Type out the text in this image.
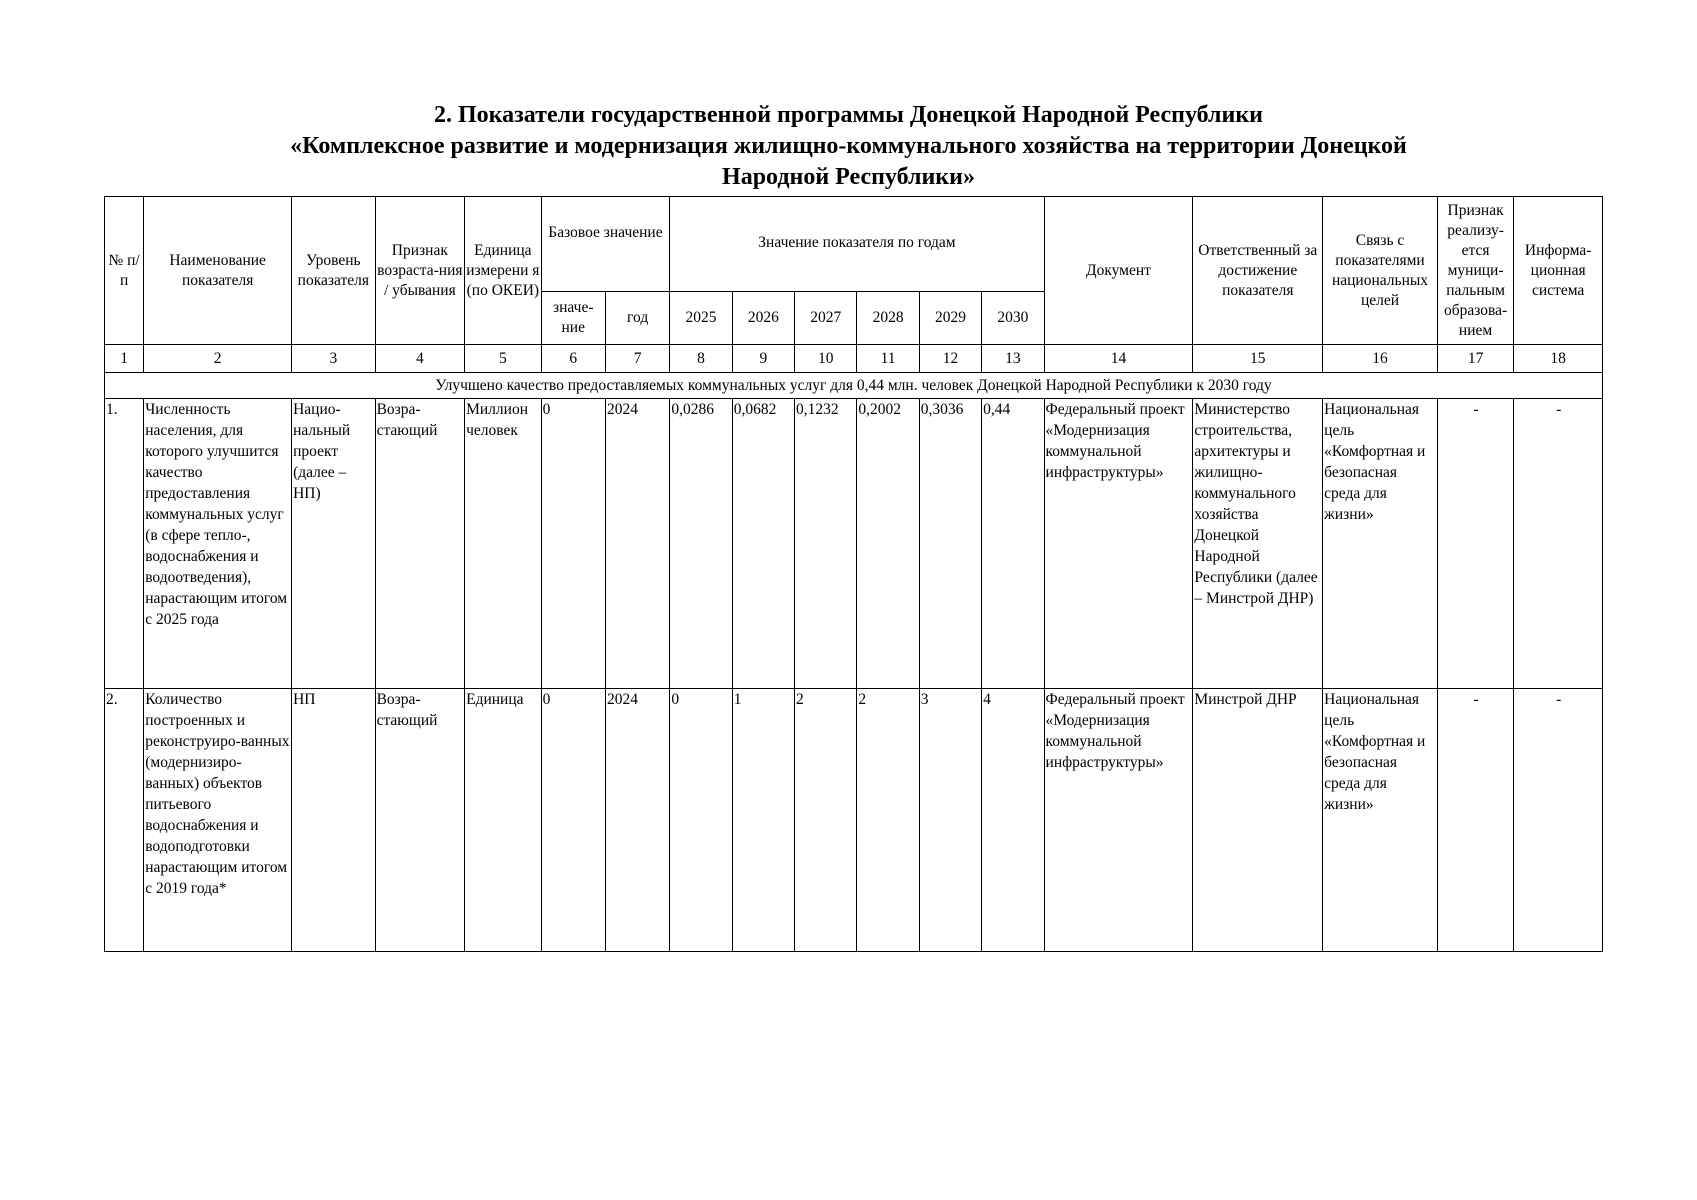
2. Показатели государственной программы Донецкой Народной Республики
«Комплексное развитие и модернизация жилищно-коммунального хозяйства на территории Донецкой
Народной Республики»
№ п/п	Наименование показателя	Уровень показателя	Признак возраста-ния / убывания	Единица измерени я (по ОКЕИ)	Базовое значение		Значение показателя по годам						Документ	Ответственный за достижение показателя	Связь с показателями национальных целей	Признак реализу-ется муници-пальным образова-нием	Информа-ционная система
					значе-ние	год	2025	2026	2027	2028	2029	2030					
1	2	3	4	5	6	7	8	9	10	11	12	13	14	15	16	17	18
Улучшено качество предоставляемых коммунальных услуг для 0,44 млн. человек Донецкой Народной Республики к 2030 году																	
1.	Численность населения, для которого улучшится качество предоставления коммунальных услуг (в сфере тепло-, водоснабжения и водоотведения), нарастающим итогом с 2025 года	Нацио-нальный проект (далее – НП)	Возра-стающий	Миллион человек	0	2024	0,0286	0,0682	0,1232	0,2002	0,3036	0,44	Федеральный проект «Модернизация коммунальной инфраструктуры»	Министерство строительства, архитектуры и жилищно-коммунального хозяйства Донецкой Народной Республики (далее – Минстрой ДНР)	Национальная цель «Комфортная и безопасная среда для жизни»	-	-
2.	Количество построенных и реконструиро-ванных (модернизиро-ванных) объектов питьевого водоснабжения и водоподготовки нарастающим итогом с 2019 года*	НП	Возра-стающий	Единица	0	2024	0	1	2	2	3	4	Федеральный проект «Модернизация коммунальной инфраструктуры»	Минстрой ДНР	Национальная цель «Комфортная и безопасная среда для жизни»	-	-
